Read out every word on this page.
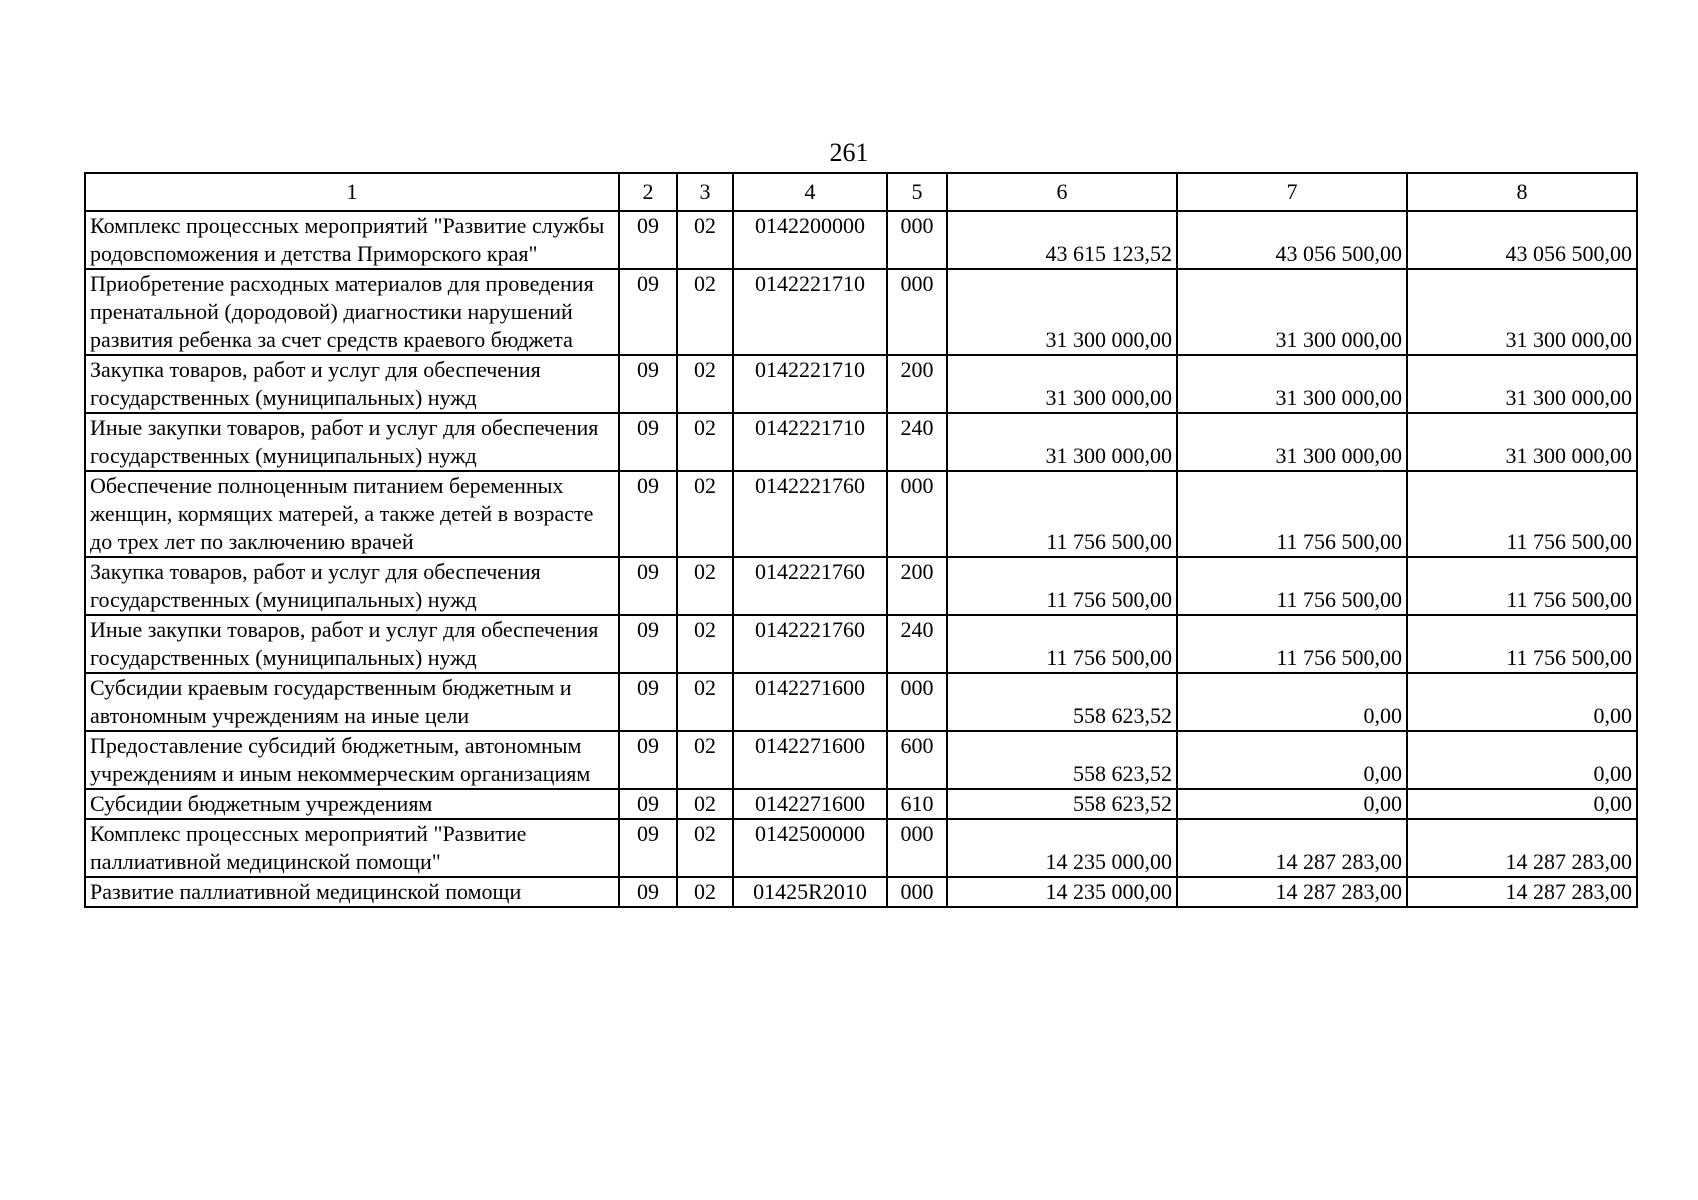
261
1	2	3	4	5	6	7	8
Комплекс процессных мероприятий "Развитие службы родовспоможения и детства Приморского края"	09	02	0142200000	000	43 615 123,52	43 056 500,00	43 056 500,00
Приобретение расходных материалов для проведения пренатальной (дородовой) диагностики нарушений развития ребенка за счет средств краевого бюджета	09	02	0142221710	000	31 300 000,00	31 300 000,00	31 300 000,00
Закупка товаров, работ и услуг для обеспечения государственных (муниципальных) нужд	09	02	0142221710	200	31 300 000,00	31 300 000,00	31 300 000,00
Иные закупки товаров, работ и услуг для обеспечения государственных (муниципальных) нужд	09	02	0142221710	240	31 300 000,00	31 300 000,00	31 300 000,00
Обеспечение полноценным питанием беременных женщин, кормящих матерей, а также детей в возрасте до трех лет по заключению врачей	09	02	0142221760	000	11 756 500,00	11 756 500,00	11 756 500,00
Закупка товаров, работ и услуг для обеспечения государственных (муниципальных) нужд	09	02	0142221760	200	11 756 500,00	11 756 500,00	11 756 500,00
Иные закупки товаров, работ и услуг для обеспечения государственных (муниципальных) нужд	09	02	0142221760	240	11 756 500,00	11 756 500,00	11 756 500,00
Субсидии краевым государственным бюджетным и автономным учреждениям на иные цели	09	02	0142271600	000	558 623,52	0,00	0,00
Предоставление субсидий бюджетным, автономным учреждениям и иным некоммерческим организациям	09	02	0142271600	600	558 623,52	0,00	0,00
Субсидии бюджетным учреждениям	09	02	0142271600	610	558 623,52	0,00	0,00
Комплекс процессных мероприятий "Развитие паллиативной медицинской помощи"	09	02	0142500000	000	14 235 000,00	14 287 283,00	14 287 283,00
Развитие паллиативной медицинской помощи	09	02	01425R2010	000	14 235 000,00	14 287 283,00	14 287 283,00
